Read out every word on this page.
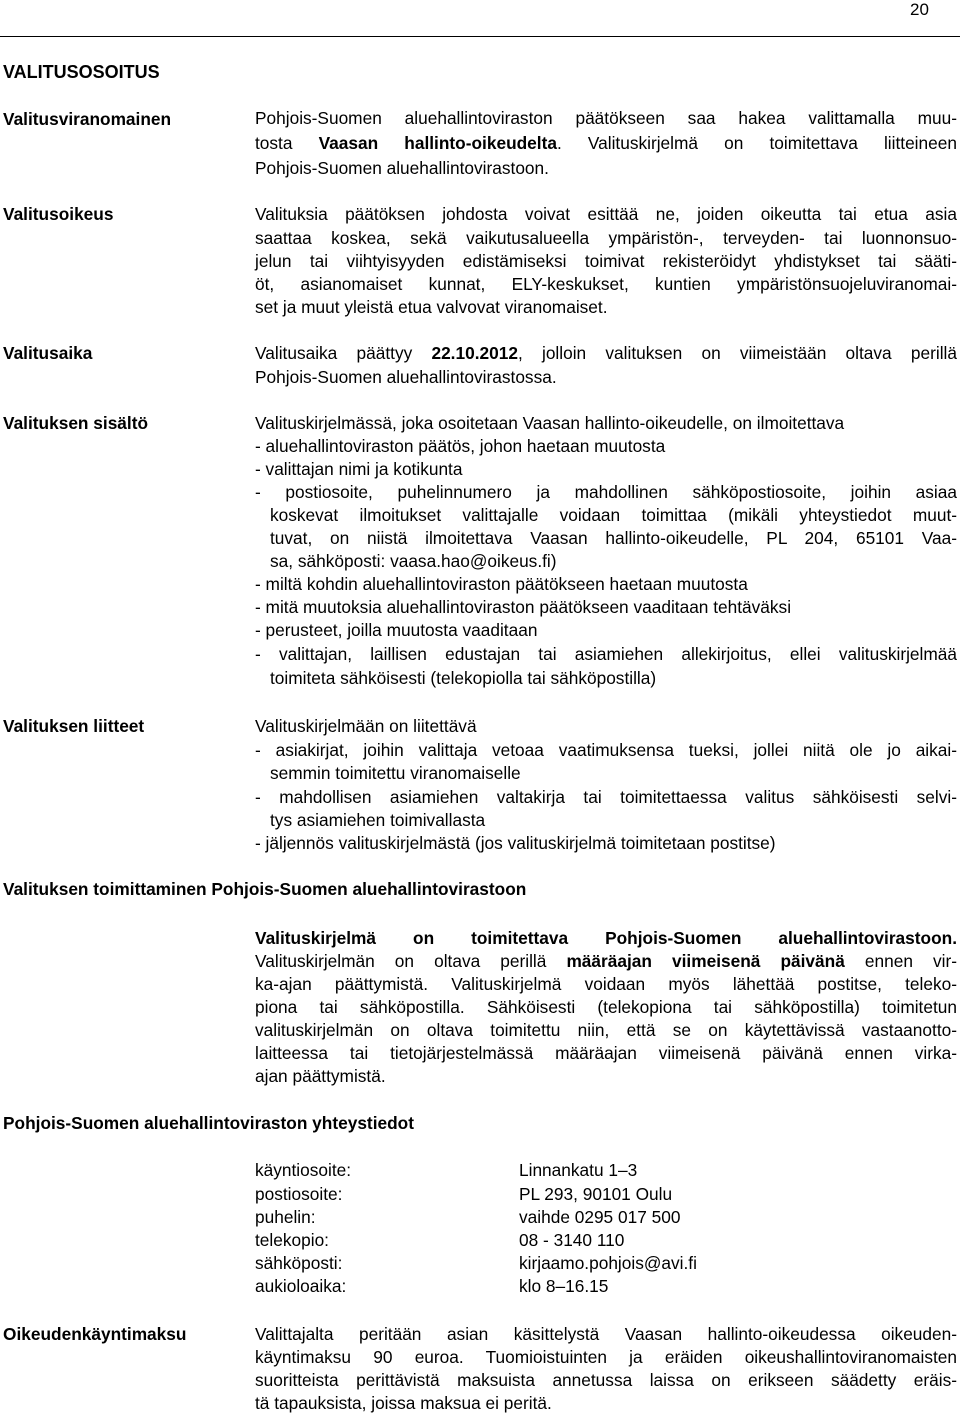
20
VALITUSOSOITUS
Valitusviranomainen	Pohjois-Suomen aluehallintoviraston päätökseen saa hakea valittamalla muu-
tosta Vaasan hallinto-oikeudelta. Valituskirjelmä on toimitettava liitteineen
Pohjois-Suomen aluehallintovirastoon.
Valitusoikeus	Valituksia päätöksen johdosta voivat esittää ne, joiden oikeutta tai etua asia
saattaa koskea, sekä vaikutusalueella ympäristön-, terveyden- tai luonnonsuo-
jelun tai viihtyisyyden edistämiseksi toimivat rekisteröidyt yhdistykset tai sääti-
öt, asianomaiset kunnat, ELY-keskukset, kuntien ympäristönsuojeluviranomai-
set ja muut yleistä etua valvovat viranomaiset.
Valitusaika	Valitusaika päättyy 22.10.2012, jolloin valituksen on viimeistään oltava perillä
Pohjois-Suomen aluehallintovirastossa.
Valituksen sisältö	Valituskirjelmässä, joka osoitetaan Vaasan hallinto-oikeudelle, on ilmoitettava
- aluehallintoviraston päätös, johon haetaan muutosta
- valittajan nimi ja kotikunta
- postiosoite, puhelinnumero ja mahdollinen sähköpostiosoite, joihin asiaa
koskevat ilmoitukset valittajalle voidaan toimittaa (mikäli yhteystiedot muut-
tuvat, on niistä ilmoitettava Vaasan hallinto-oikeudelle, PL 204, 65101 Vaa-
sa, sähköposti: vaasa.hao@oikeus.fi)
- miltä kohdin aluehallintoviraston päätökseen haetaan muutosta
- mitä muutoksia aluehallintoviraston päätökseen vaaditaan tehtäväksi
- perusteet, joilla muutosta vaaditaan
- valittajan, laillisen edustajan tai asiamiehen allekirjoitus, ellei valituskirjelmää
toimiteta sähköisesti (telekopiolla tai sähköpostilla)
Valituksen liitteet	Valituskirjelmään on liitettävä
- asiakirjat, joihin valittaja vetoaa vaatimuksensa tueksi, jollei niitä ole jo aikai-
semmin toimitettu viranomaiselle
- mahdollisen asiamiehen valtakirja tai toimitettaessa valitus sähköisesti selvi-
tys asiamiehen toimivallasta
- jäljennös valituskirjelmästä (jos valituskirjelmä toimitetaan postitse)
Valituksen toimittaminen Pohjois-Suomen aluehallintovirastoon
Valituskirjelmä on toimitettava Pohjois-Suomen aluehallintovirastoon.
Valituskirjelmän on oltava perillä määräajan viimeisenä päivänä ennen vir-
ka-ajan päättymistä. Valituskirjelmä voidaan myös lähettää postitse, teleko-
piona tai sähköpostilla. Sähköisesti (telekopiona tai sähköpostilla) toimitetun
valituskirjelmän on oltava toimitettu niin, että se on käytettävissä vastaanotto-
laitteessa tai tietojärjestelmässä määräajan viimeisenä päivänä ennen virka-
ajan päättymistä.
Pohjois-Suomen aluehallintoviraston yhteystiedot
käyntiosoite:	Linnankatu 1–3
postiosoite:	PL 293, 90101 Oulu
puhelin:	vaihde 0295 017 500
telekopio:	08 - 3140 110
sähköposti:	kirjaamo.pohjois@avi.fi
aukioloaika:	klo 8–16.15
Oikeudenkäyntimaksu	Valittajalta peritään asian käsittelystä Vaasan hallinto-oikeudessa oikeuden-
käyntimaksu 90 euroa. Tuomioistuinten ja eräiden oikeushallintoviranomaisten
suoritteista perittävistä maksuista annetussa laissa on erikseen säädetty eräis-
tä tapauksista, joissa maksua ei peritä.
